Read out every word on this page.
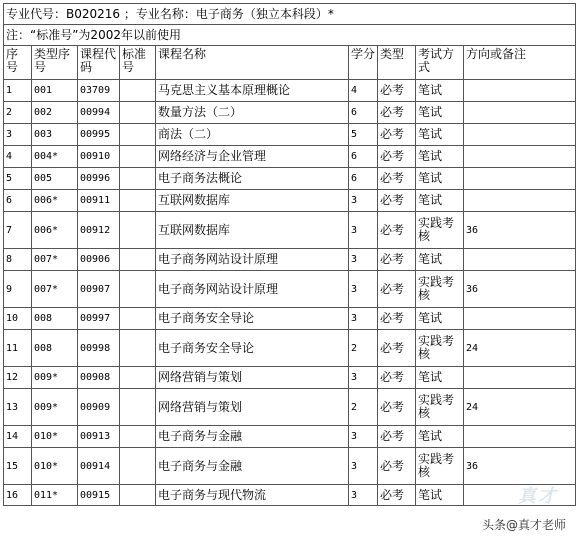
专业代号：B020216 ；专业名称：电子商务（独立本科段）*								
注：“标准号”为2002年以前使用								
序号	类型序号	课程代码	标准号	课程名称	学分	类型	考试方式	方向或备注
1	001	03709		马克思主义基本原理概论	4	必考	笔试	
2	002	00994		数量方法（二）	6	必考	笔试	
3	003	00995		商法（二）	5	必考	笔试	
4	004*	00910		网络经济与企业管理	6	必考	笔试	
5	005	00996		电子商务法概论	6	必考	笔试	
6	006*	00911		互联网数据库	3	必考	笔试	
7	006*	00912		互联网数据库	3	必考	实践考核	36
8	007*	00906		电子商务网站设计原理	3	必考	笔试	
9	007*	00907		电子商务网站设计原理	3	必考	实践考核	36
10	008	00997		电子商务安全导论	3	必考	笔试	
11	008	00998		电子商务安全导论	2	必考	实践考核	24
12	009*	00908		网络营销与策划	3	必考	笔试	
13	009*	00909		网络营销与策划	2	必考	实践考核	24
14	010*	00913		电子商务与金融	3	必考	笔试	
15	010*	00914		电子商务与金融	3	必考	实践考核	36
16	011*	00915		电子商务与现代物流	3	必考	笔试		真才
头条@真才老师
